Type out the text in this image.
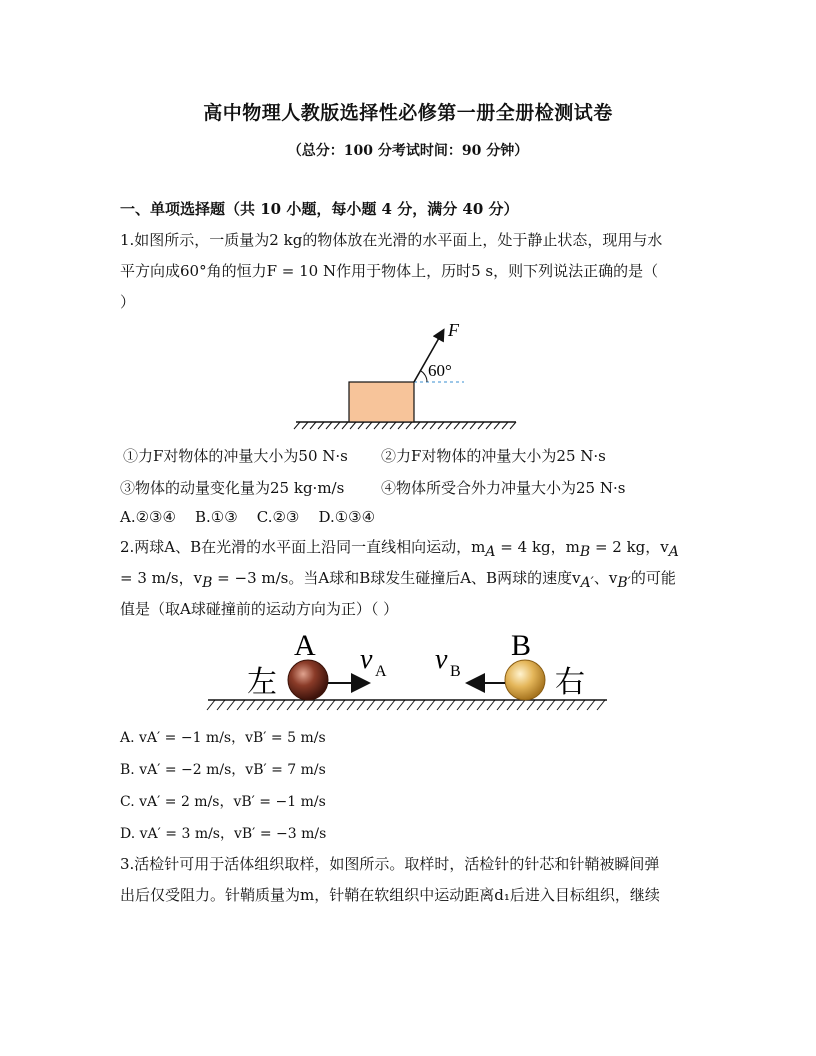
高中物理人教版选择性必修第一册全册检测试卷
（总分：100 分考试时间：90 分钟）
一、单项选择题（共 10 小题，每小题 4 分，满分 40 分）
1.如图所示，一质量为2 kg的物体放在光滑的水平面上，处于静止状态，现用与水
平方向成60°角的恒力F = 10 N作用于物体上，历时5 s，则下列说法正确的是（
）
F
60°
①力F对物体的冲量大小为50 N·s ②力F对物体的冲量大小为25 N·s
③物体的动量变化量为25 kg·m/s ④物体所受合外力冲量大小为25 N·s
A.②③④    B.①③    C.②③    D.①③④
2.两球A、B在光滑的水平面上沿同一直线相向运动，$m_A = 4$ kg，$m_B = 2$ kg，$v_A$
= 3 m/s，$v_B = -3$ m/s。当A球和B球发生碰撞后A、B两球的速度$v_{A'}$、$v_{B'}$的可能
值是（取A球碰撞前的运动方向为正）（ ）
左	右
A	B
v A v B
A. vA′ = −1 m/s，vB′ = 5 m/s
B. vA′ = −2 m/s，vB′ = 7 m/s
C. vA′ = 2 m/s，vB′ = −1 m/s
D. vA′ = 3 m/s，vB′ = −3 m/s
3.活检针可用于活体组织取样，如图所示。取样时，活检针的针芯和针鞘被瞬间弹
出后仅受阻力。针鞘质量为m，针鞘在软组织中运动距离d₁后进入目标组织，继续
